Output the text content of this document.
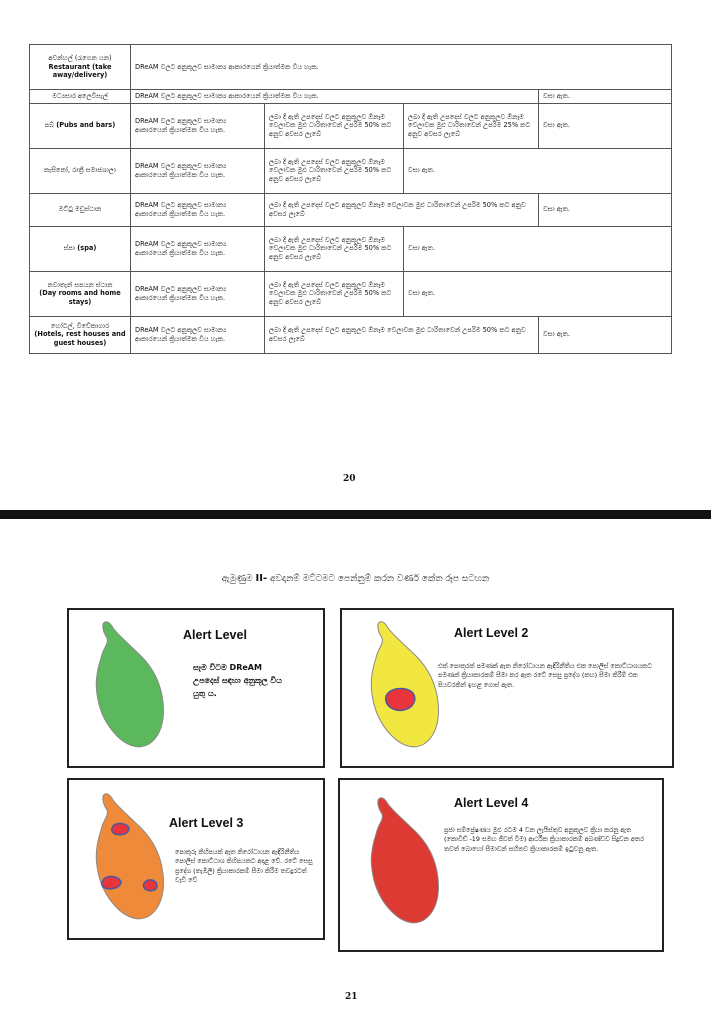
අවන්හල් (රැගෙන යන)
Restaurant (take away/delivery)	DReAM වලට අනුකූලව සාමාන්‍ය ආකාරයෙන් ක්‍රියාත්මක විය හැක.			
මධ්‍යසාර අලෙවිසැල්	DReAM වලට අනුකූලව සාමාන්‍ය ආකාරයෙන් ක්‍රියාත්මක විය හැක.			වසා ඇත.
පබ් (Pubs and bars)	DReAM වලට අනුකූලව සාමාන්‍ය ආකාරයෙන් ක්‍රියාත්මක විය හැක.	ලබා දී ඇති උපදෙස් වලට අනුකූලව ඕනෑම වෙලාවක මුළු ධාරිතාවෙන් උපරිම 50% කට අනුව අවසර ලැබේ	ලබා දී ඇති උපදෙස් වලට අනුකූලව ඕනෑම වෙලාවක මුළු ධාරිතාවෙන් උපරිම 25% කට අනුව අවසර ලැබේ	වසා ඇත.
කැසිනෝ, රාත්‍රී සමාජශාලා	DReAM වලට අනුකූලව සාමාන්‍ය ආකාරයෙන් ක්‍රියාත්මක විය හැක.	ලබා දී ඇති උපදෙස් වලට අනුකූලව ඕනෑම වෙලාවක මුළු ධාරිතාවෙන් උපරිම 50% කට අනුව අවසර ලැබේ	වසා ඇත.	
ඔට්ටු මඩුස්ථාන	DReAM වලට අනුකූලව සාමාන්‍ය ආකාරයෙන් ක්‍රියාත්මක විය හැක.	ලබා දී ඇති උපදෙස් වලට අනුකූලව ඕනෑම වෙලාවක මුළු ධාරිතාවෙන් උපරිම 50% කට අනුව අවසර ලැබේ		වසා ඇත.
ස්පා (spa)	DReAM වලට අනුකූලව සාමාන්‍ය ආකාරයෙන් ක්‍රියාත්මක විය හැක.	ලබා දී ඇති උපදෙස් වලට අනුකූලව ඕනෑම වෙලාවක මුළු ධාරිතාවෙන් උපරිම 50% කට අනුව අවසර ලැබේ	වසා ඇත.	
නවාතැන් සපයන ස්ථාන
(Day rooms and home stays)	DReAM වලට අනුකූලව සාමාන්‍ය ආකාරයෙන් ක්‍රියාත්මක විය හැක.	ලබා දී ඇති උපදෙස් වලට අනුකූලව ඕනෑම වෙලාවක මුළු ධාරිතාවෙන් උපරිම 50% කට අනුව අවසර ලැබේ	වසා ඇත.	
හෝටල්, විවේකාගාර
(Hotels, rest houses and guest houses)	DReAM වලට අනුකූලව සාමාන්‍ය ආකාරයෙන් ක්‍රියාත්මක විය හැක.	ලබා දී ඇති උපදෙස් වලට අනුකූලව ඕනෑම වෙලාවක මුළු ධාරිතාවෙන් උපරිම 50% කට අනුව අවසර ලැබේ		වසා ඇත.
20
ඇමුණුම II- අවදානම් මට්ටමට පෙන්නුම් කරන වර්ණ කේත රූප සටහන
Alert Level
සෑම විටම DReAM උපදෙස් සඳහා අනුකූල විය යුතු ය.
Alert Level 2
එක් පොකුරක් පමණක් ඇත නිරෝධායන ඇඳිරිනීතිය එක පොලිස් කොට්ඨාශයකට පමණක් ක්‍රියාකාරකම් සීමා කර ඇත රටේ සෙසු ප්‍රදේශ (කහ) සීමා කිරීම් එක පියවරකින් ඉහළ ගොස් ඇත.
Alert Level 3
පොකුරු කිහිපයක් ඇත නිරෝධායන ඇඳිරිනීතිය පොලිස් කොට්ඨාශ කිහිපයකට අදාළ වේ. රටේ සෙසු ප්‍රදේශ (තැඹිලි) ක්‍රියාකාරකම් සීමා කිරීම තවදුරටත් වැඩි වේ
Alert Level 4
ප්‍රජා සම්ප්‍රේෂණය මුළු රටම 4 වන ලැයිස්තුව අනුකූලව ක්‍රියා කරනු ඇත (කොවිඩ් -19 සමඟ ජීවත් වීම) ආර්ථික ක්‍රියාකාරකම් අඛණ්ඩව සිදුවන අතර තවත් බොහෝ සීමාවන් සහිතව ක්‍රියාකාරකම් ඉටුවනු ඇත.
21
